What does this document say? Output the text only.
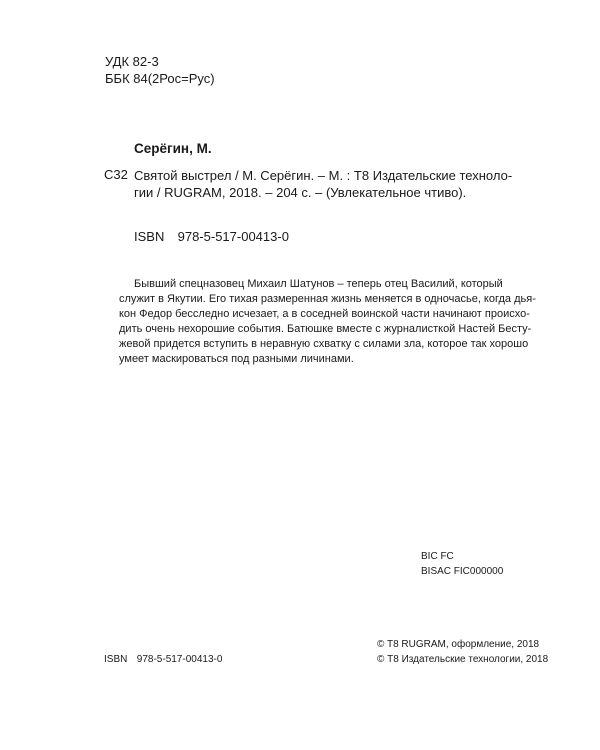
УДК 82-3
ББК 84(2Рос=Рус)
Серёгин, М.
С32 Святой выстрел / М. Серёгин. – М. : Т8 Издательские техноло-
гии / RUGRAM, 2018. – 204 с. – (Увлекательное чтиво).
ISBN 978-5-517-00413-0
Бывший спецназовец Михаил Шатунов – теперь отец Василий, который
служит в Якутии. Его тихая размеренная жизнь меняется в одночасье, когда дья-
кон Федор бесследно исчезает, а в соседней воинской части начинают происхо-
дить очень нехорошие события. Батюшке вместе с журналисткой Настей Бесту-
жевой придется вступить в неравную схватку с силами зла, которое так хорошо
умеет маскироваться под разными личинами.
BIC FC
BISAC FIC000000
© T8 RUGRAM, оформление, 2018
© Т8 Издательские технологии, 2018
ISBN 978-5-517-00413-0
